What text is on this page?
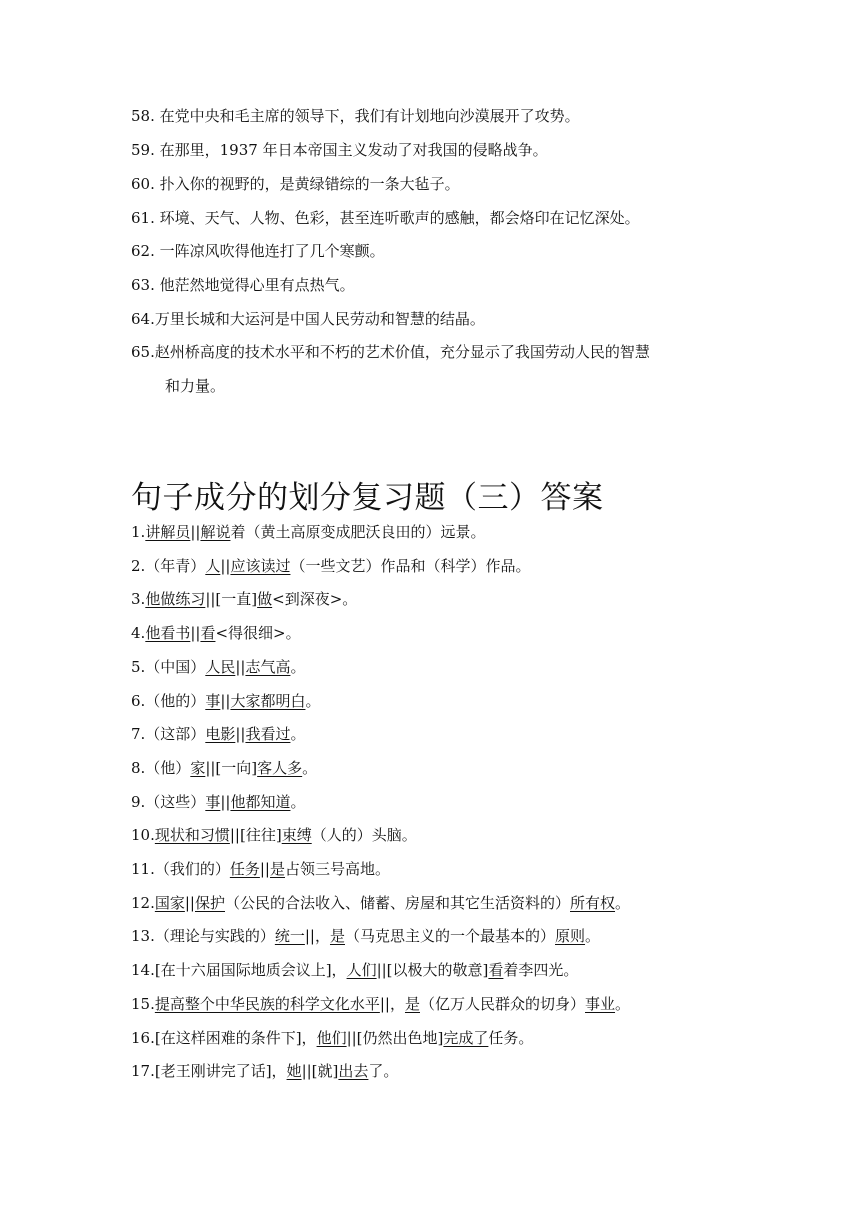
58. 在党中央和毛主席的领导下，我们有计划地向沙漠展开了攻势。
59. 在那里，1937 年日本帝国主义发动了对我国的侵略战争。
60. 扑入你的视野的，是黄绿错综的一条大毡子。
61. 环境、天气、人物、色彩，甚至连听歌声的感触，都会烙印在记忆深处。
62. 一阵凉风吹得他连打了几个寒颤。
63. 他茫然地觉得心里有点热气。
64.万里长城和大运河是中国人民劳动和智慧的结晶。
65.赵州桥高度的技术水平和不朽的艺术价值，充分显示了我国劳动人民的智慧
和力量。
句子成分的划分复习题（三）答案
1.讲解员||解说着（黄土高原变成肥沃良田的）远景。
2.（年青）人||应该读过（一些文艺）作品和（科学）作品。
3.他做练习||[一直]做<到深夜>。
4.他看书||看<得很细>。
5.（中国）人民||志气高。
6.（他的）事||大家都明白。
7.（这部）电影||我看过。
8.（他）家||[一向]客人多。
9.（这些）事||他都知道。
10.现状和习惯||[往往]束缚（人的）头脑。
11.（我们的）任务||是占领三号高地。
12.国家||保护（公民的合法收入、储蓄、房屋和其它生活资料的）所有权。
13.（理论与实践的）统一||，是（马克思主义的一个最基本的）原则。
14.[在十六届国际地质会议上]，人们||[以极大的敬意]看着李四光。
15.提高整个中华民族的科学文化水平||，是（亿万人民群众的切身）事业。
16.[在这样困难的条件下]，他们||[仍然出色地]完成了任务。
17.[老王刚讲完了话]，她||[就]出去了。
